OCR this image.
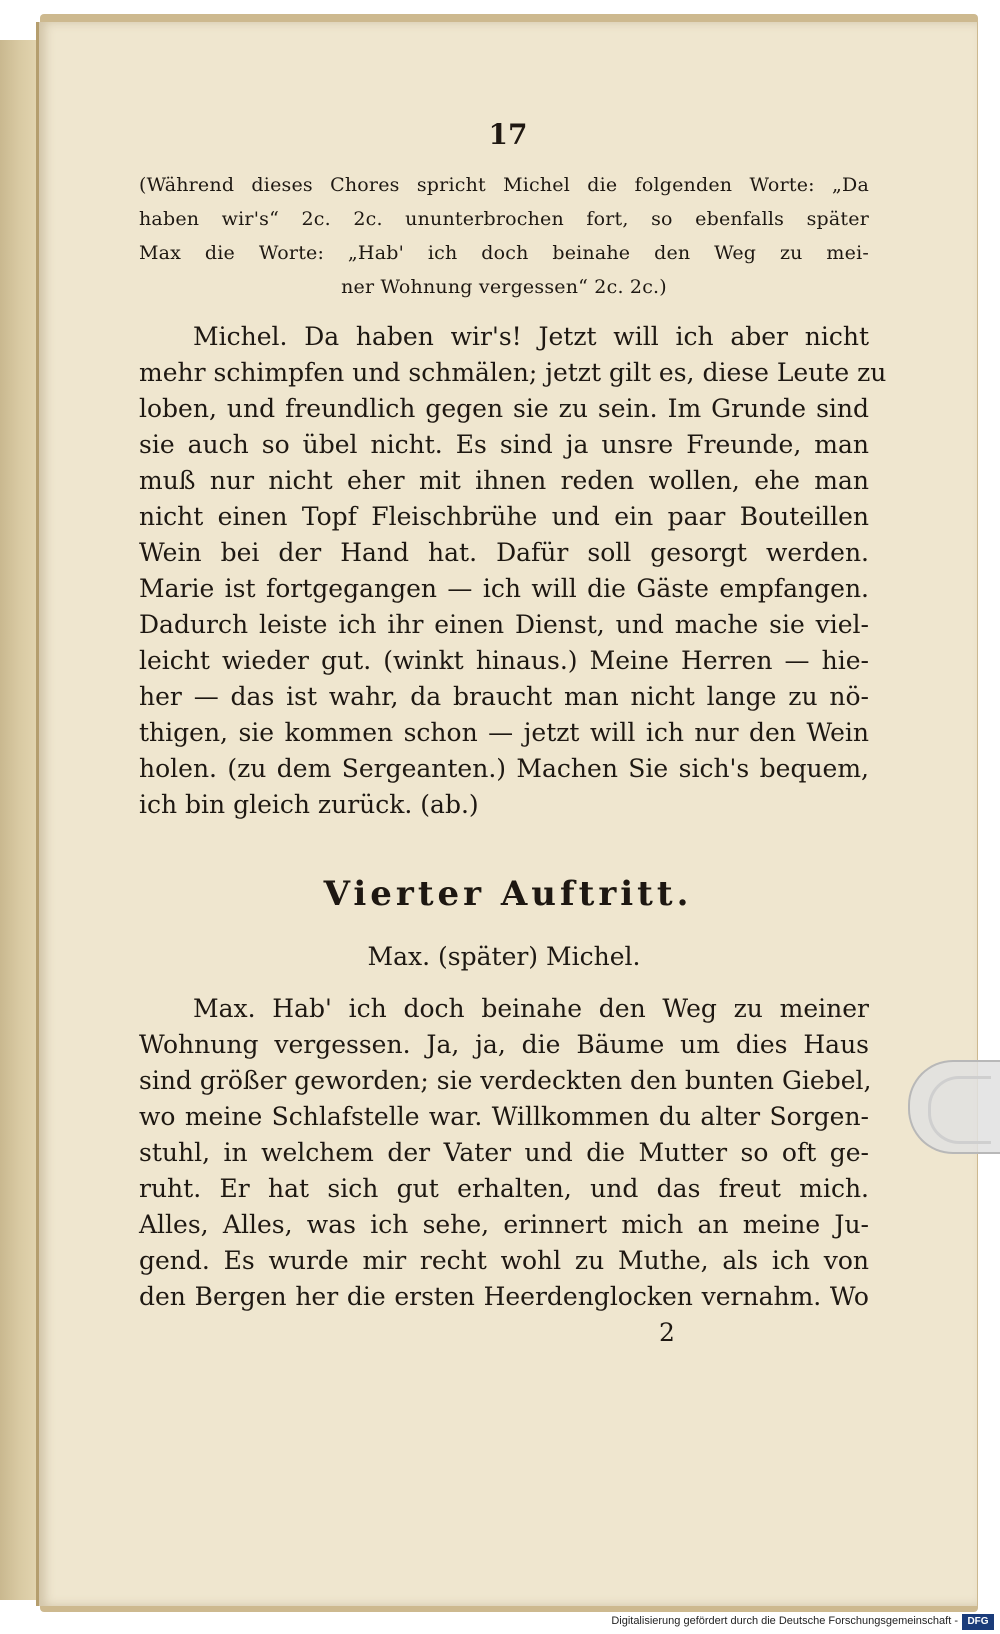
17
(Während dieses Chores spricht Michel die folgenden Worte: „Da
haben wir's“ 2c. 2c. ununterbrochen fort, so ebenfalls später
Max die Worte: „Hab' ich doch beinahe den Weg zu mei-
ner Wohnung vergessen“ 2c. 2c.)
Michel. Da haben wir's! Jetzt will ich aber nicht
mehr schimpfen und schmälen; jetzt gilt es, diese Leute zu
loben, und freundlich gegen sie zu sein. Im Grunde sind
sie auch so übel nicht. Es sind ja unsre Freunde, man
muß nur nicht eher mit ihnen reden wollen, ehe man
nicht einen Topf Fleischbrühe und ein paar Bouteillen
Wein bei der Hand hat. Dafür soll gesorgt werden.
Marie ist fortgegangen — ich will die Gäste empfangen.
Dadurch leiste ich ihr einen Dienst, und mache sie viel-
leicht wieder gut. (winkt hinaus.) Meine Herren — hie-
her — das ist wahr, da braucht man nicht lange zu nö-
thigen, sie kommen schon — jetzt will ich nur den Wein
holen. (zu dem Sergeanten.) Machen Sie sich's bequem,
ich bin gleich zurück. (ab.)
Vierter Auftritt.
Max. (später) Michel.
Max. Hab' ich doch beinahe den Weg zu meiner
Wohnung vergessen. Ja, ja, die Bäume um dies Haus
sind größer geworden; sie verdeckten den bunten Giebel,
wo meine Schlafstelle war. Willkommen du alter Sorgen-
stuhl, in welchem der Vater und die Mutter so oft ge-
ruht. Er hat sich gut erhalten, und das freut mich.
Alles, Alles, was ich sehe, erinnert mich an meine Ju-
gend. Es wurde mir recht wohl zu Muthe, als ich von
den Bergen her die ersten Heerdenglocken vernahm. Wo
2
Digitalisierung gefördert durch die Deutsche Forschungsgemeinschaft - DFG
